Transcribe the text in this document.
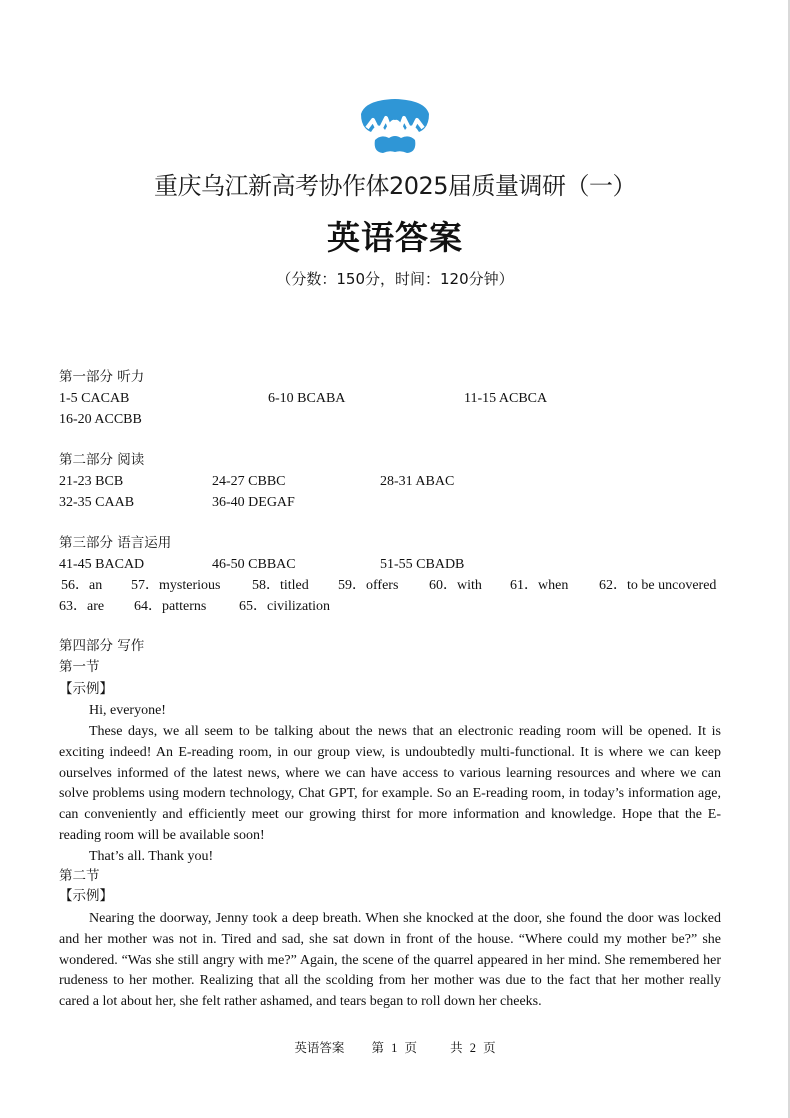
重庆乌江新高考协作体2025届质量调研（一）
英语答案
（分数：150分，时间：120分钟）
第一部分 听力
1-5 CACAB	6-10 BCABA	11-15 ACBCA
16-20 ACCBB
第二部分 阅读
21-23 BCB	24-27 CBBC	28-31 ABAC
32-35 CAAB	36-40 DEGAF
第三部分 语言运用
41-45 BACAD	46-50 CBBAC	51-55 CBADB
56．an 57．mysterious 58．titled 59．offers 60．with 61．when 62．to be uncovered
63．are 64．patterns 65．civilization
第四部分 写作
第一节
【示例】
Hi, everyone!
These days, we all seem to be talking about the news that an electronic reading room will be opened. It is exciting indeed! An E-reading room, in our group view, is undoubtedly multi-functional. It is where we can keep ourselves informed of the latest news, where we can have access to various learning resources and where we can solve problems using modern technology, Chat GPT, for example. So an E-reading room, in today’s information age, can conveniently and efficiently meet our growing thirst for more information and knowledge. Hope that the E-reading room will be available soon!
That’s all. Thank you!
第二节
【示例】
Nearing the doorway, Jenny took a deep breath. When she knocked at the door, she found the door was locked and her mother was not in. Tired and sad, she sat down in front of the house. “Where could my mother be?” she wondered. “Was she still angry with me?” Again, the scene of the quarrel appeared in her mind. She remembered her rudeness to her mother. Realizing that all the scolding from her mother was due to the fact that her mother really cared a lot about her, she felt rather ashamed, and tears began to roll down her cheeks.
英语答案 第 1 页	共 2 页
